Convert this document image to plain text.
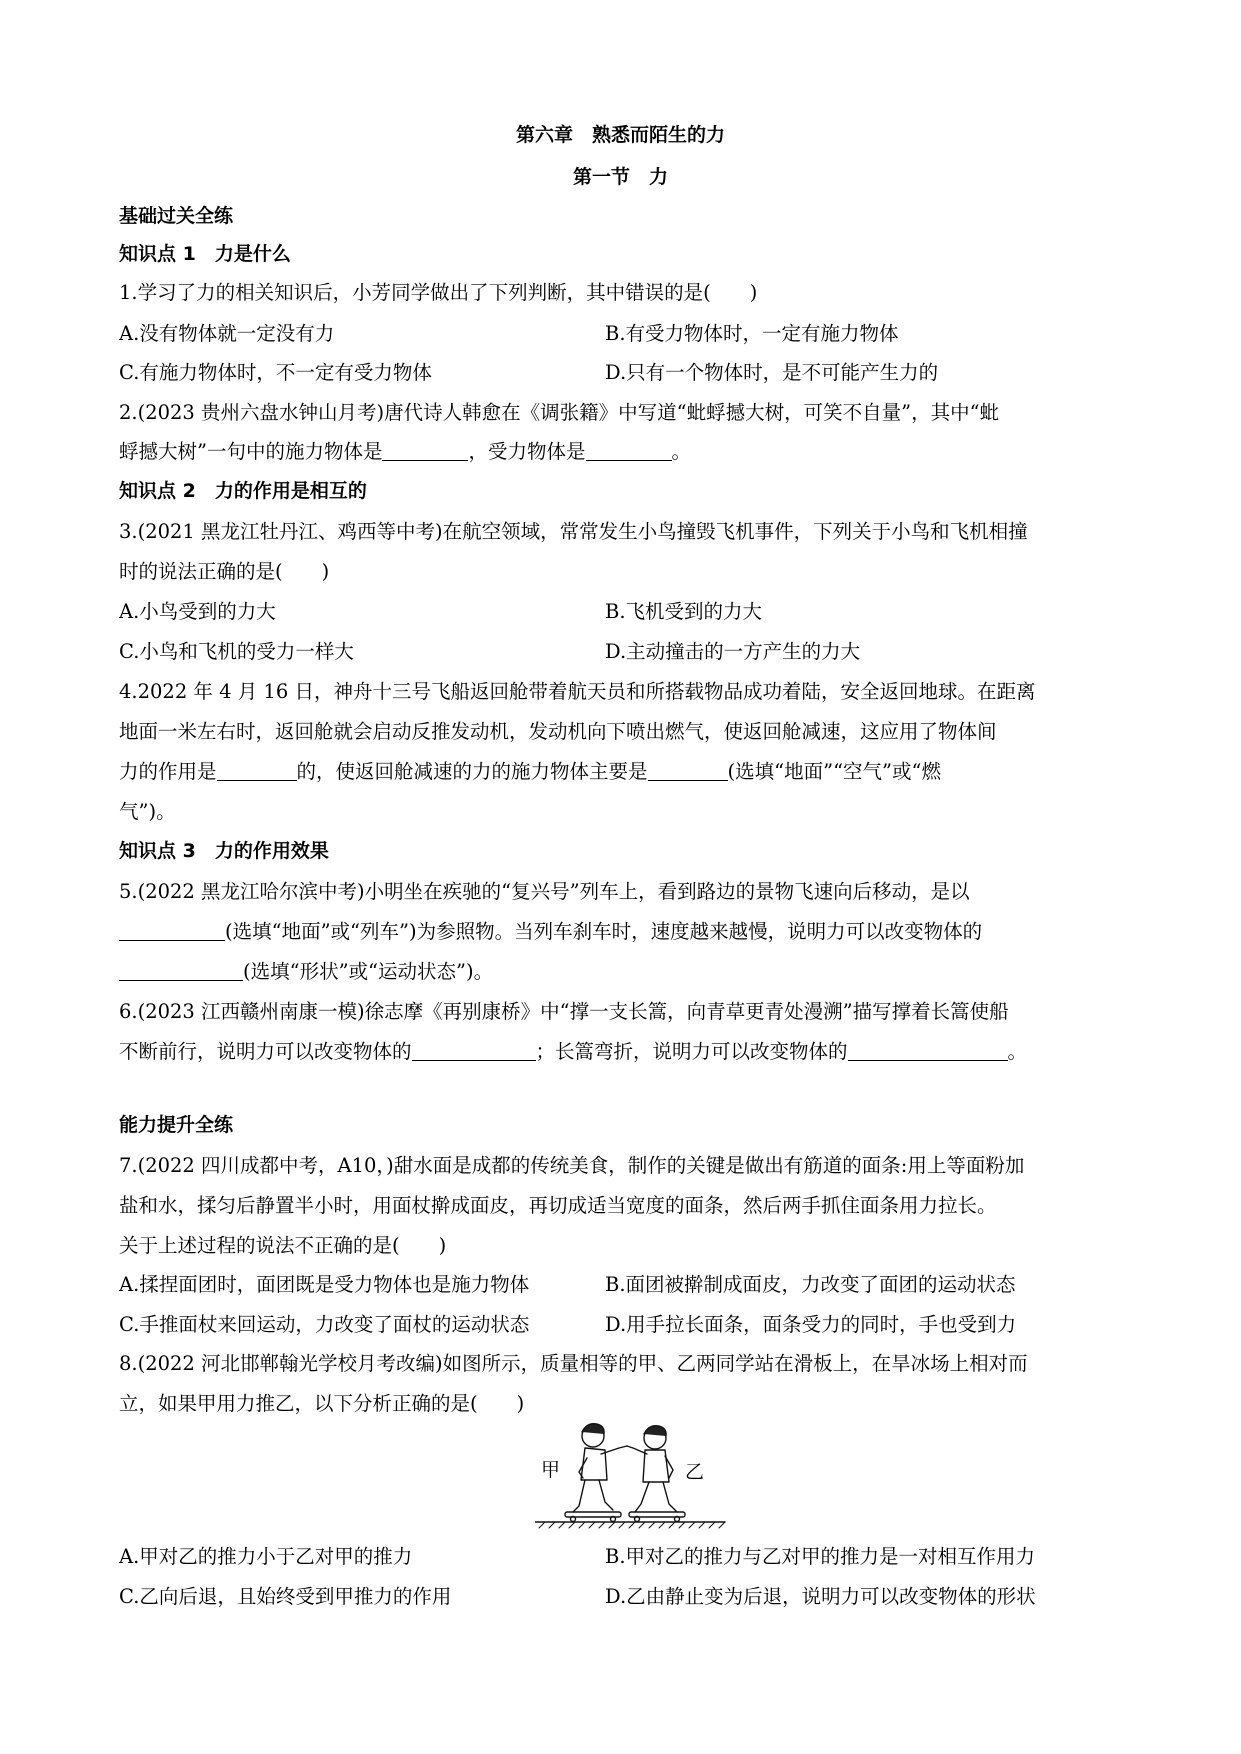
第六章　熟悉而陌生的力
第一节　力
基础过关全练
知识点 1　力是什么
1.学习了力的相关知识后，小芳同学做出了下列判断，其中错误的是(　　)
A.没有物体就一定没有力	B.有受力物体时，一定有施力物体
C.有施力物体时，不一定有受力物体	D.只有一个物体时，是不可能产生力的
2.(2023 贵州六盘水钟山月考)唐代诗人韩愈在《调张籍》中写道“蚍蜉撼大树，可笑不自量”，其中“蚍
蜉撼大树”一句中的施力物体是	，受力物体是	。
知识点 2　力的作用是相互的
3.(2021 黑龙江牡丹江、鸡西等中考)在航空领域，常常发生小鸟撞毁飞机事件，下列关于小鸟和飞机相撞
时的说法正确的是(　　)
A.小鸟受到的力大	B.飞机受到的力大
C.小鸟和飞机的受力一样大	D.主动撞击的一方产生的力大
4.2022 年 4 月 16 日，神舟十三号飞船返回舱带着航天员和所搭载物品成功着陆，安全返回地球。在距离
地面一米左右时，返回舱就会启动反推发动机，发动机向下喷出燃气，使返回舱减速，这应用了物体间
力的作用是	的，使返回舱减速的力的施力物体主要是	(选填“地面”“空气”或“燃
气”)。
知识点 3　力的作用效果
5.(2022 黑龙江哈尔滨中考)小明坐在疾驰的“复兴号”列车上，看到路边的景物飞速向后移动，是以
(选填“地面”或“列车”)为参照物。当列车刹车时，速度越来越慢，说明力可以改变物体的
(选填“形状”或“运动状态”)。
6.(2023 江西赣州南康一模)徐志摩《再别康桥》中“撑一支长篙，向青草更青处漫溯”描写撑着长篙使船
不断前行，说明力可以改变物体的	；长篙弯折，说明力可以改变物体的	。
能力提升全练
7.(2022 四川成都中考，A10，)甜水面是成都的传统美食，制作的关键是做出有筋道的面条:用上等面粉加
盐和水，揉匀后静置半小时，用面杖擀成面皮，再切成适当宽度的面条，然后两手抓住面条用力拉长。
关于上述过程的说法不正确的是(　　)
A.揉捏面团时，面团既是受力物体也是施力物体	B.面团被擀制成面皮，力改变了面团的运动状态
C.手推面杖来回运动，力改变了面杖的运动状态	D.用手拉长面条，面条受力的同时，手也受到力
8.(2022 河北邯郸翰光学校月考改编)如图所示，质量相等的甲、乙两同学站在滑板上，在旱冰场上相对而
立，如果甲用力推乙，以下分析正确的是(　　)
甲	乙
A.甲对乙的推力小于乙对甲的推力	B.甲对乙的推力与乙对甲的推力是一对相互作用力
C.乙向后退，且始终受到甲推力的作用	D.乙由静止变为后退，说明力可以改变物体的形状
